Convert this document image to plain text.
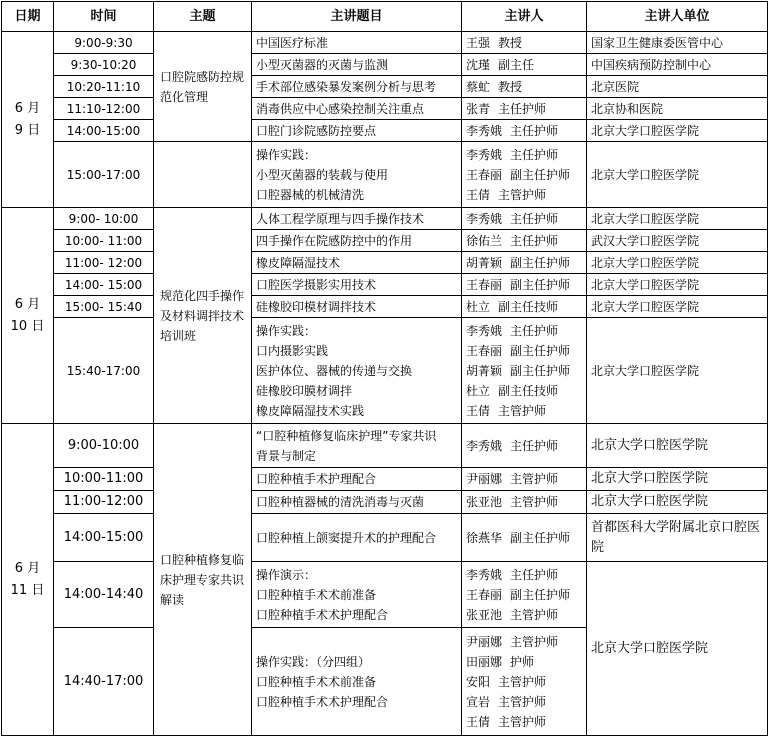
日期	时间	主题	主讲题目	主讲人	主讲人单位
6 月
9 日	9:00-9:30	口腔院感防控规范化管理	中国医疗标准	王强 教授	国家卫生健康委医管中心
	9:30-10:20		小型灭菌器的灭菌与监测	沈瑾 副主任	中国疾病预防控制中心
	10:20-11:10		手术部位感染暴发案例分析与思考	蔡虻 教授	北京医院
	11:10-12:00		消毒供应中心感染控制关注重点	张青 主任护师	北京协和医院
	14:00-15:00		口腔门诊院感防控要点	李秀娥 主任护师	北京大学口腔医学院
	15:00-17:00		操作实践：
小型灭菌器的装载与使用
口腔器械的机械清洗	李秀娥 主任护师
王春丽 副主任护师
王倩 主管护师	北京大学口腔医学院
6 月
10 日	9:00- 10:00	规范化四手操作及材料调拌技术培训班	人体工程学原理与四手操作技术	李秀娥 主任护师	北京大学口腔医学院
	10:00- 11:00		四手操作在院感防控中的作用	徐佑兰 主任护师	武汉大学口腔医学院
	11:00- 12:00		橡皮障隔湿技术	胡菁颖 副主任护师	北京大学口腔医学院
	14:00- 15:00		口腔医学摄影实用技术	王春丽 副主任护师	北京大学口腔医学院
	15:00- 15:40		硅橡胶印模材调拌技术	杜立 副主任技师	北京大学口腔医学院
	15:40-17:00		操作实践：
口内摄影实践
医护体位、器械的传递与交换
硅橡胶印膜材调拌
橡皮障隔湿技术实践	李秀娥 主任护师
王春丽 副主任护师
胡菁颖 副主任护师
杜立 副主任技师
王倩 主管护师	北京大学口腔医学院
6 月
11 日	9:00-10:00	口腔种植修复临床护理专家共识解读	“口腔种植修复临床护理”专家共识
背景与制定	李秀娥 主任护师	北京大学口腔医学院
	10:00-11:00		口腔种植手术护理配合	尹丽娜 主管护师	北京大学口腔医学院
	11:00-12:00		口腔种植器械的清洗消毒与灭菌	张亚池 主管护师	北京大学口腔医学院
	14:00-15:00		口腔种植上颌窦提升术的护理配合	徐燕华 副主任护师	首都医科大学附属北京口腔医院
	14:00-14:40		操作演示：
口腔种植手术术前准备
口腔种植手术术护理配合	李秀娥 主任护师
王春丽 副主任护师
张亚池 主管护师	北京大学口腔医学院
	14:40-17:00		操作实践：（分四组）
口腔种植手术术前准备
口腔种植手术术护理配合	尹丽娜 主管护师
田丽娜 护师
安阳 主管护师
宣岩 主管护师
王倩 主管护师	
